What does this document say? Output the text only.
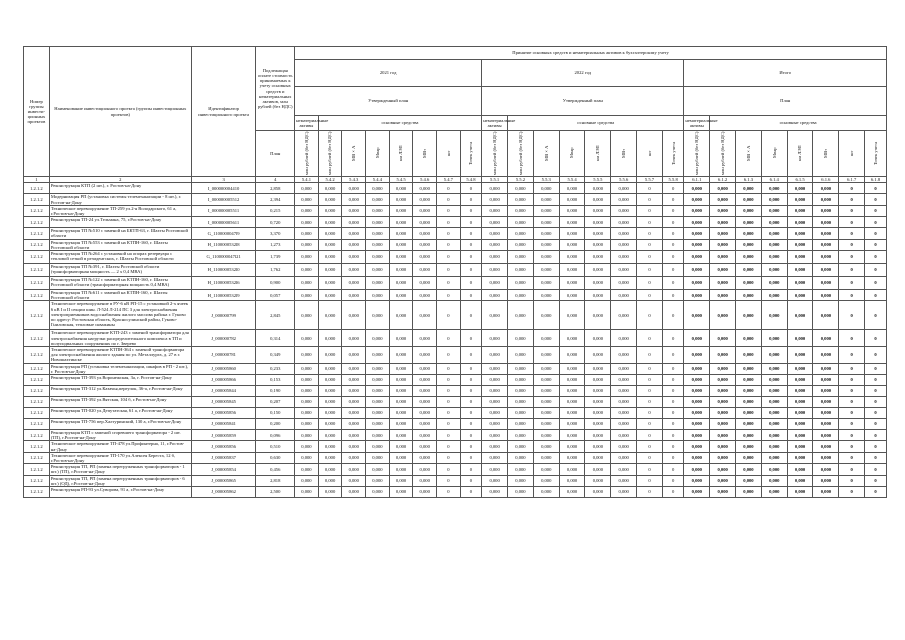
Номер группы инвести-ционных проектов	Наименование инвестиционного проекта (группы инвестиционных проектов)	Идентификатор инвестиционного проекта	Подлежащая оплате стоимость принимаемых к учету основных средств и нематериальных активов, млн рублей (без НДС)	Принятие основных средств и нематериальных активов к бухгалтерскому учету																							
				2021 год								2022 год								Итого							
				Утвержденный план								Утвержденный план								План							
				нематериальные активы	основные средства							нематериальные активы	основные средства							нематериальные активы	основные средства						
			План	млн рублей (без НДС)	млн рублей (без НДС)	МВ×А	Мвар	км ЛЭП	МВт	шт	Точек учета	млн рублей (без НДС)	млн рублей (без НДС)	МВ×А	Мвар	км ЛЭП	МВт	шт	Точек учета	млн рублей (без НДС)	млн рублей (без НДС)	МВ×А	Мвар	км ЛЭП	МВт	шт	Точек учета
1	2	3	4	5.4.1	5.4.2	5.4.3	5.4.4	5.4.5	5.4.6	5.4.7	5.4.8	5.5.1	5.5.2	5.5.3	5.5.4	5.5.5	5.5.6	5.5.7	5.5.8	6.1.1	6.1.2	6.1.3	6.1.4	6.1.5	6.1.6	6.1.7	6.1.8
1.2.1.2	Реконструкция КТП (2 шт.), г. Ростов-на-Дону	I_000000004410	2,858	0,000	0,000	0,000	0,000	0,000	0,000	0	0	0,000	0,000	0,000	0,000	0,000	0,000	0	0	0,000	0,000	0,000	0,000	0,000	0,000	0	0
1.2.1.2	Модернизация РП (установка системы телемеханизации - 8 шт.), г. Ростов-на-Дону	I_000000005512	2,394	0,000	0,000	0,000	0,000	0,000	0,000	0	0	0,000	0,000	0,000	0,000	0,000	0,000	0	0	0,000	0,000	0,000	0,000	0,000	0,000	0	0
1.2.1.2	Техническое перевооружение ТП-259 ул.2-я Володарского, 61 а, г.Ростов-на-Дону	I_000000005511	0,215	0,000	0,000	0,000	0,000	0,000	0,000	0	0	0,000	0,000	0,000	0,000	0,000	0,000	0	0	0,000	0,000	0,000	0,000	0,000	0,000	0	0
1.2.1.2	Реконструкция ТП-24 ул.Тельмана, 75, г.Ростов-на-Дону	I_000000005611	0,720	0,000	0,000	0,000	0,000	0,000	0,000	0	0	0,000	0,000	0,000	0,000	0,000	0,000	0	0	0,000	0,000	0,000	0,000	0,000	0,000	0	0
1.2.1.2	Реконструкция ТП №510 с заменой на БКТП-63, г. Шахты Ростовской области	G_1100000047l9	3,370	0,000	0,000	0,000	0,000	0,000	0,000	0	0	0,000	0,000	0,000	0,000	0,000	0,000	0	0	0,000	0,000	0,000	0,000	0,000	0,000	0	0
1.2.1.2	Реконструкция ТП №553 с заменой на КТПН-160, г. Шахты Ростовской области	H_1100000532l8	1,273	0,000	0,000	0,000	0,000	0,000	0,000	0	0	0,000	0,000	0,000	0,000	0,000	0,000	0	0	0,000	0,000	0,000	0,000	0,000	0,000	0	0
1.2.1.2	Реконструкция ТП №264 с установкой на опорах резервуара с тепловой сеткой в резидентских, г. Шахты Ростовской области	G_1100000047l21	1,739	0,000	0,000	0,000	0,000	0,000	0,000	0	0	0,000	0,000	0,000	0,000	0,000	0,000	0	0	0,000	0,000	0,000	0,000	0,000	0,000	0	0
1.2.1.2	Реконструкция ТП №391, г. Шахты Ростовской области (трансформаторная мощность — 2 х 0,4 МВА)	H_1100000532l0	1,762	0,000	0,000	0,000	0,000	0,000	0,000	0	0	0,000	0,000	0,000	0,000	0,000	0,000	0	0	0,000	0,000	0,000	0,000	0,000	0,000	0	0
1.2.1.2	Реконструкция ТП №122 с заменой на КТПН-160, г. Шахты Ростовской области (трансформаторная мощность 0,4 МВА)	H_1100000532l6	0,900	0,000	0,000	0,000	0,000	0,000	0,000	0	0	0,000	0,000	0,000	0,000	0,000	0,000	0	0	0,000	0,000	0,000	0,000	0,000	0,000	0	0
1.2.1.2	Реконструкция ТП №611 с заменой на КТПН-160, г. Шахты Ростовской области	H_1100000532l9	0,057	0,000	0,000	0,000	0,000	0,000	0,000	0	0	0,000	0,000	0,000	0,000	0,000	0,000	0	0	0,000	0,000	0,000	0,000	0,000	0,000	0	0
1.2.1.2	Техническое перевооружение в РУ-6 кВ РП-15 с установкой 2-х ячеек 6 кВ I и II секции шин. Л-524 Л-214 ПС 3 для электроснабжения электроприемников водоснабжения жилого массива района г. Гуково по адресу: Ростовская область, Красносулинский район, Гуково-Гниловская, тепловые скважины	J_000000799	2,845	0,000	0,000	0,000	0,000	0,000	0,000	0	0	0,000	0,000	0,000	0,000	0,000	0,000	0	0	0,000	0,000	0,000	0,000	0,000	0,000	0	0
1.2.1.2	Техническое перевооружение КТП-243 с заменой трансформатора для электроснабжения нагрузки распределительного комплекса в ТП и полуподвальных сооружениях по г. Зверево	J_000000782	0,314	0,000	0,000	0,000	0,000	0,000	0,000	0	0	0,000	0,000	0,000	0,000	0,000	0,000	0	0	0,000	0,000	0,000	0,000	0,000	0,000	0	0
1.2.1.2	Техническое перевооружение КТПН-364 с заменой трансформатора для электроснабжения жилого здания по ул. Металлурга, д. 27 в г. Новошахтинске	J_000000781	0,349	0,000	0,000	0,000	0,000	0,000	0,000	0	0	0,000	0,000	0,000	0,000	0,000	0,000	0	0	0,000	0,000	0,000	0,000	0,000	0,000	0	0
1.2.1.2	Реконструкция РП (установка телемеханизации, шкафов в РП - 2 шт.), г. Ростов-на-Дону	J_000005860	0,233	0,000	0,000	0,000	0,000	0,000	0,000	0	0	0,000	0,000	0,000	0,000	0,000	0,000	0	0	0,000	0,000	0,000	0,000	0,000	0,000	0	0
1.2.1.2	Реконструкция ТП-393 ул.Воронежская, 3а, г. Ростов-на-Дону	J_000005866	0,153	0,000	0,000	0,000	0,000	0,000	0,000	0	0	0,000	0,000	0,000	0,000	0,000	0,000	0	0	0,000	0,000	0,000	0,000	0,000	0,000	0	0
1.2.1.2	Реконструкция ТП-312 ул.Казачья,переулок, 36-а, г.Ростов-на-Дону	J_000005844	0,190	0,000	0,000	0,000	0,000	0,000	0,000	0	0	0,000	0,000	0,000	0,000	0,000	0,000	0	0	0,000	0,000	0,000	0,000	0,000	0,000	0	0
1.2.1.2	Реконструкция ТП-392 ул.Вятская, 104 б, г.Ростов-на-Дону	J_000005845	0,207	0,000	0,000	0,000	0,000	0,000	0,000	0	0	0,000	0,000	0,000	0,000	0,000	0,000	0	0	0,000	0,000	0,000	0,000	0,000	0,000	0	0
1.2.1.2	Реконструкция ТП-020 ул.Депутатская, 61 а, г.Ростов-на-Дону	J_000005856	0,150	0,000	0,000	0,000	0,000	0,000	0,000	0	0	0,000	0,000	0,000	0,000	0,000	0,000	0	0	0,000	0,000	0,000	0,000	0,000	0,000	0	0
1.2.1.2	Реконструкция ТП-756 пер.Халтуринский, 130 а, г.Ростов-на-Дону	J_000005841	0,200	0,000	0,000	0,000	0,000	0,000	0,000	0	0	0,000	0,000	0,000	0,000	0,000	0,000	0	0	0,000	0,000	0,000	0,000	0,000	0,000	0	0
1.2.1.2	Реконструкция КТП с заменой сгоревшего трансформатора - 2 шт. (ТП), г.Ростов-на-Дону	J_000005859	0,096	0,000	0,000	0,000	0,000	0,000	0,000	0	0	0,000	0,000	0,000	0,000	0,000	0,000	0	0	0,000	0,000	0,000	0,000	0,000	0,000	0	0
1.2.1.2	Техническое перевооружение ТП-478 ул.Профинтерна, 11, г.Ростов-на-Дону	J_000005856	0,510	0,000	0,000	0,000	0,000	0,000	0,000	0	0	0,000	0,000	0,000	0,000	0,000	0,000	0	0	0,000	0,000	0,000	0,000	0,000	0,000	0	0
1.2.1.2	Техническое перевооружение ТП-170 ул.Алексея Береста, 12 б, г.Ростов-на-Дону	J_000005837	0,630	0,000	0,000	0,000	0,000	0,000	0,000	0	0	0,000	0,000	0,000	0,000	0,000	0,000	0	0	0,000	0,000	0,000	0,000	0,000	0,000	0	0
1.2.1.2	Реконструкция ТП, РП (замена перегруженных трансформаторов - 1 шт.) (ТП), г.Ростов-на-Дону	J_000005854	0,456	0,000	0,000	0,000	0,000	0,000	0,000	0	0	0,000	0,000	0,000	0,000	0,000	0,000	0	0	0,000	0,000	0,000	0,000	0,000	0,000	0	0
1.2.1.2	Реконструкция ТП, РП (замена перегруженных трансформаторов - 6 шт.) (ОД), г.Ростов-на-Дону	J_000005865	2,818	0,000	0,000	0,000	0,000	0,000	0,000	0	0	0,000	0,000	0,000	0,000	0,000	0,000	0	0	0,000	0,000	0,000	0,000	0,000	0,000	0	0
1.2.1.2	Реконструкция РП-93 ул.Суворова, 91 а, г.Ростов-на-Дону	J_000005862	2,500	0,000	0,000	0,000	0,000	0,000	0,000	0	0	0,000	0,000	0,000	0,000	0,000	0,000	0	0	0,000	0,000	0,000	0,000	0,000	0,000	0	0
